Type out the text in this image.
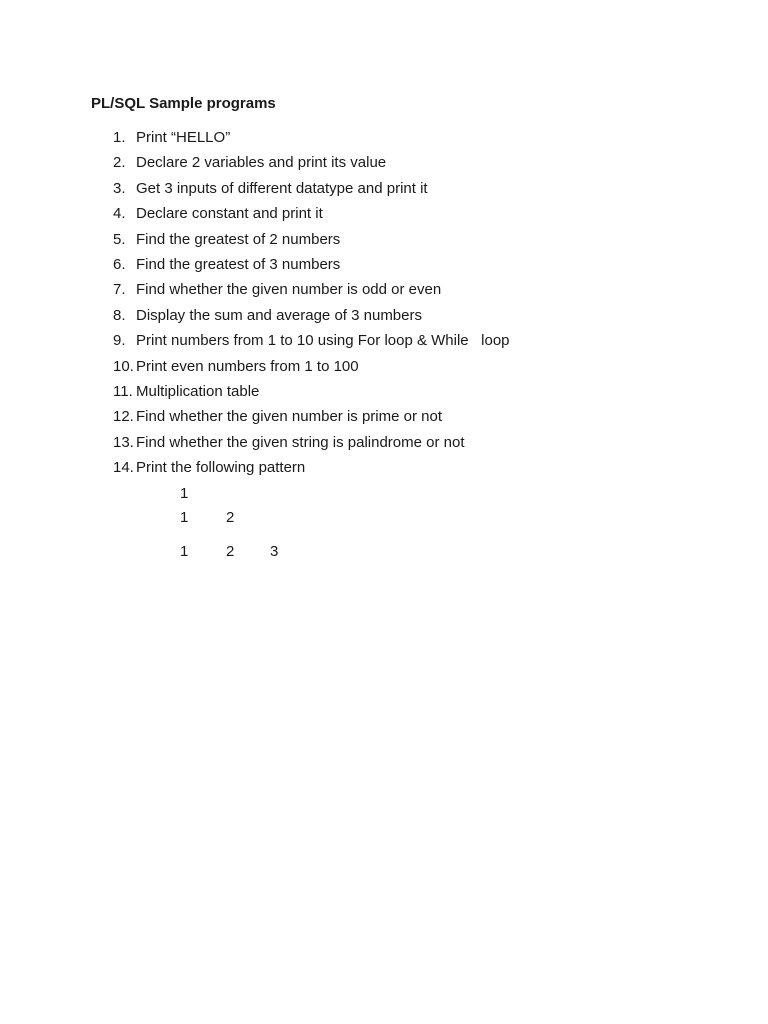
PL/SQL Sample programs
1. Print “HELLO”
2. Declare 2 variables and print its value
3. Get 3 inputs of different datatype and print it
4. Declare constant and print it
5. Find the greatest of 2 numbers
6. Find the greatest of 3 numbers
7. Find whether the given number is odd or even
8. Display the sum and average of 3 numbers
9. Print numbers from 1 to 10 using For loop & While   loop
10. Print even numbers from 1 to 100
11. Multiplication table
12. Find whether the given number is prime or not
13. Find whether the given string is palindrome or not
14. Print the following pattern
1
1	2
1	2 3
